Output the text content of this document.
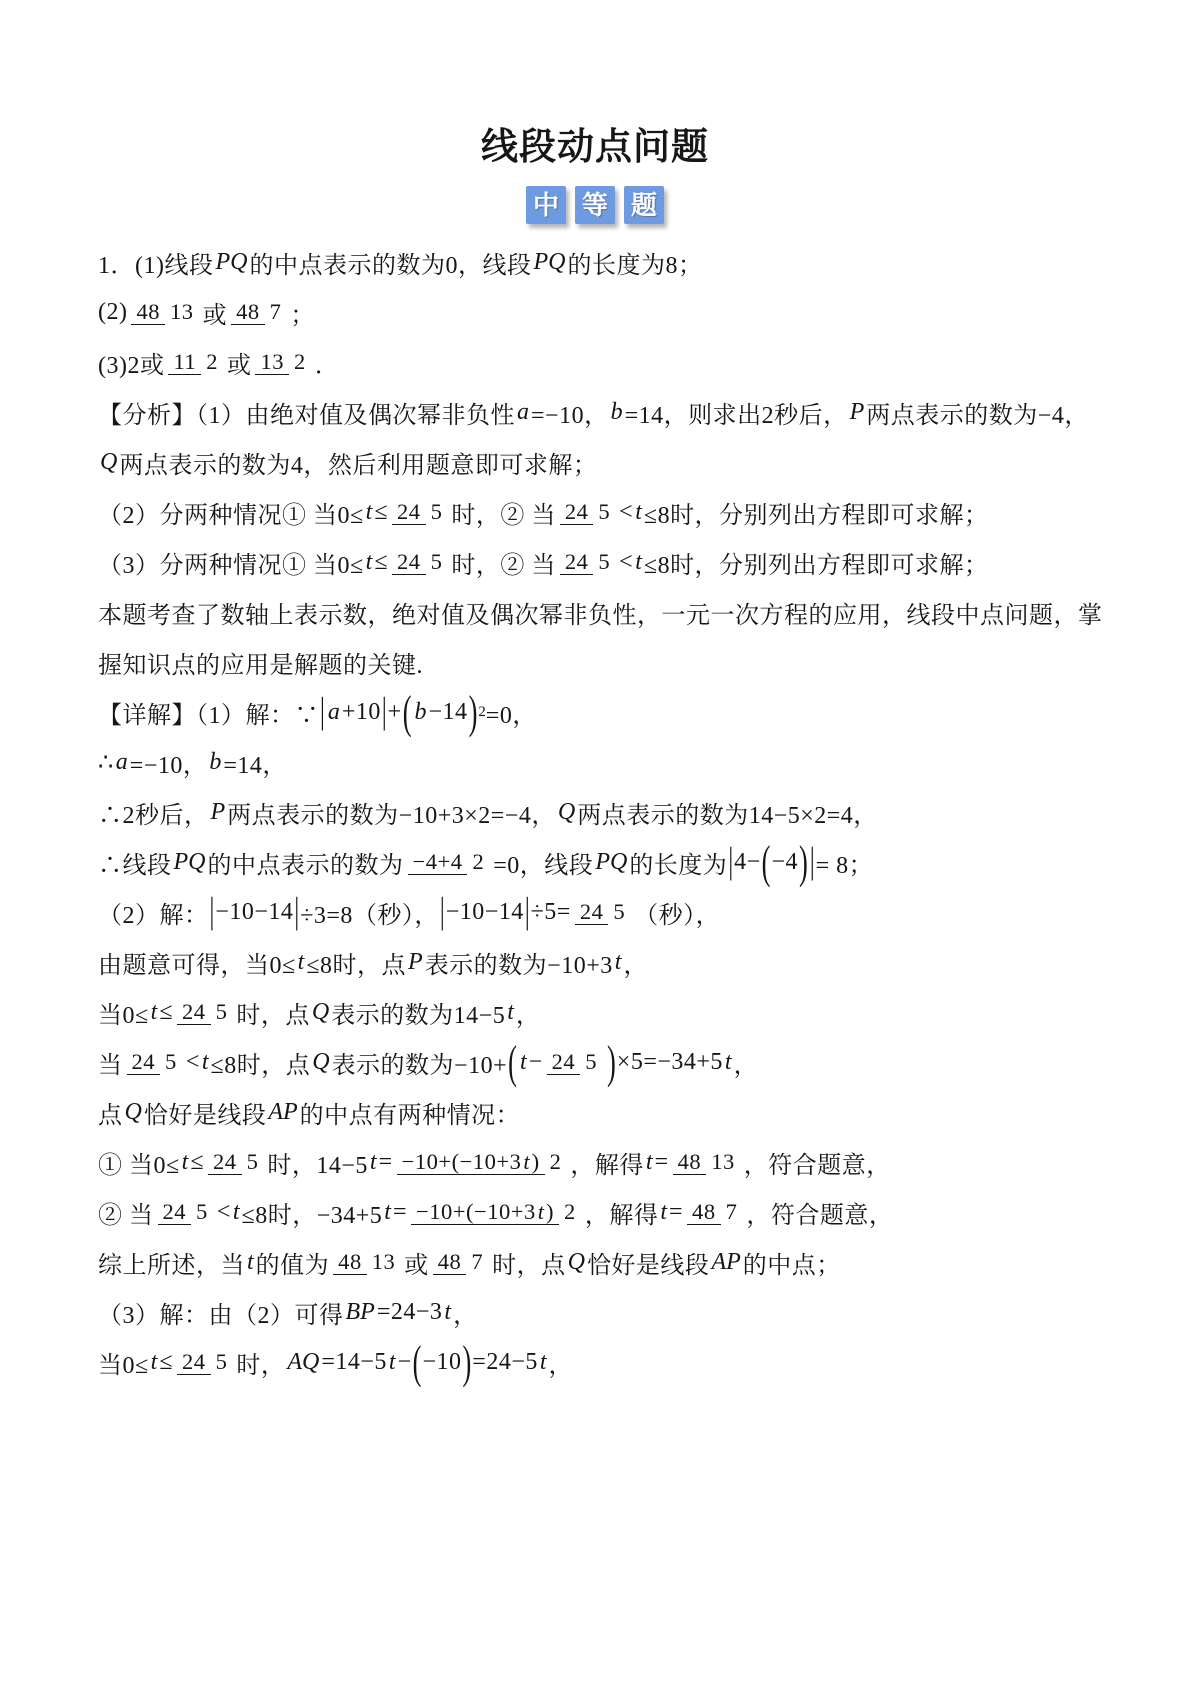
线段动点问题
中 等 题
1．(1)线段 PQ 的中点表示的数为0，线段 PQ 的长度为8；
(2) 48 13 或 48 7 ；
(3)2或 11 2 或 13 2 ．
【分析】（1）由绝对值及偶次幂非负性 a =−10， b =14，则求出2秒后， P 两点表示的数为−4，
Q 两点表示的数为4，然后利用题意即可求解；
（2）分两种情况① 当0≤ t ≤ 24 5 时，② 当 24 5 < t ≤8时，分别列出方程即可求解；
（3）分两种情况① 当0≤ t ≤ 24 5 时，② 当 24 5 < t ≤8时，分别列出方程即可求解；
本题考查了数轴上表示数，绝对值及偶次幂非负性，一元一次方程的应用，线段中点问题，掌
握知识点的应用是解题的关键.
【详解】（1）解：∵ | a +10 | + ( b −14 ) 2 =0，
∴ a =−10， b =14，
∴2秒后， P 两点表示的数为−10+3×2=−4， Q 两点表示的数为14−5×2=4，
∴线段 PQ 的中点表示的数为 −4+4 2 =0，线段 PQ 的长度为 | 4− ( −4 ) | = 8；
（2）解： | −10−14 | ÷3=8（秒）， | −10−14 | ÷5= 24 5 （秒），
由题意可得，当0≤ t ≤8时，点 P 表示的数为−10+3 t ，
当0≤ t ≤ 24 5 时，点 Q 表示的数为14−5 t ，
当 24 5 < t ≤8时，点 Q 表示的数为−10+ ( t − 24 5 ) ×5=−34+5 t ，
点 Q 恰好是线段 AP 的中点有两种情况：
① 当0≤ t ≤ 24 5 时，14−5 t = −10+(−10+3t) 2 ，解得 t = 48 13 ，符合题意，
② 当 24 5 < t ≤8时，−34+5 t = −10+(−10+3t) 2 ，解得 t = 48 7 ，符合题意，
综上所述，当 t 的值为 48 13 或 48 7 时，点 Q 恰好是线段 AP 的中点；
（3）解：由（2）可得 BP =24−3 t ，
当0≤ t ≤ 24 5 时， AQ =14−5 t − ( −10 ) =24−5 t ，
